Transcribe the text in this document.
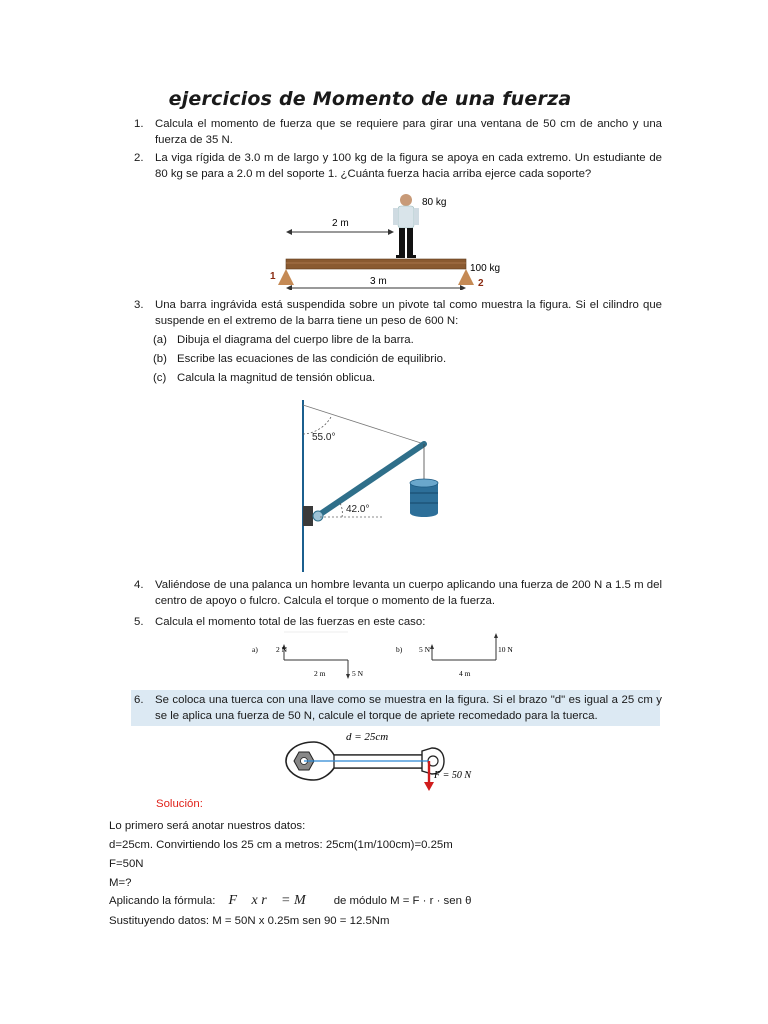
ejercicios de Momento de una fuerza
1.	Calcula el momento de fuerza que se requiere para girar una ventana de 50 cm de ancho y una fuerza de 35 N.
2.	La viga rígida de 3.0 m de largo y 100 kg de la figura se apoya en cada extremo. Un estudiante de 80 kg se para a 2.0 m del soporte 1. ¿Cuánta fuerza hacia arriba ejerce cada soporte?
2 m
80 kg
1
2
100 kg
3 m
3.	Una barra ingrávida está suspendida sobre un pivote tal como muestra la figura. Si el cilindro que suspende en el extremo de la barra tiene un peso de 600 N:
(a) Dibuja el diagrama del cuerpo libre de la barra.
(b) Escribe las ecuaciones de las condición de equilibrio.
(c) Calcula la magnitud de tensión oblicua.
55.0°
42.0°
4.	Valiéndose de una palanca un hombre levanta un cuerpo aplicando una fuerza de 200 N a 1.5 m del centro de apoyo o fulcro. Calcula el torque o momento de la fuerza.
5.	Calcula el momento total de las fuerzas en este caso:
a) 2 N
5 N
2 m
b) 5 N	10 N
4 m
6.	Se coloca una tuerca con una llave como se muestra en la figura. Si el brazo "d" es igual a 25 cm y se le aplica una fuerza de 50 N, calcule el torque de apriete recomedado para la tuerca.
d = 25cm
F = 50 N
Solución:
Lo primero será anotar nuestros datos:
d=25cm. Convirtiendo los 25 cm a metros: 25cm(1m/100cm)=0.25m
F=50N
M=?
Aplicando la fórmula: F⃗ x r⃗ = M⃗ de módulo M = F · r · sen θ
Sustituyendo datos: M = 50N x 0.25m sen 90 = 12.5Nm
